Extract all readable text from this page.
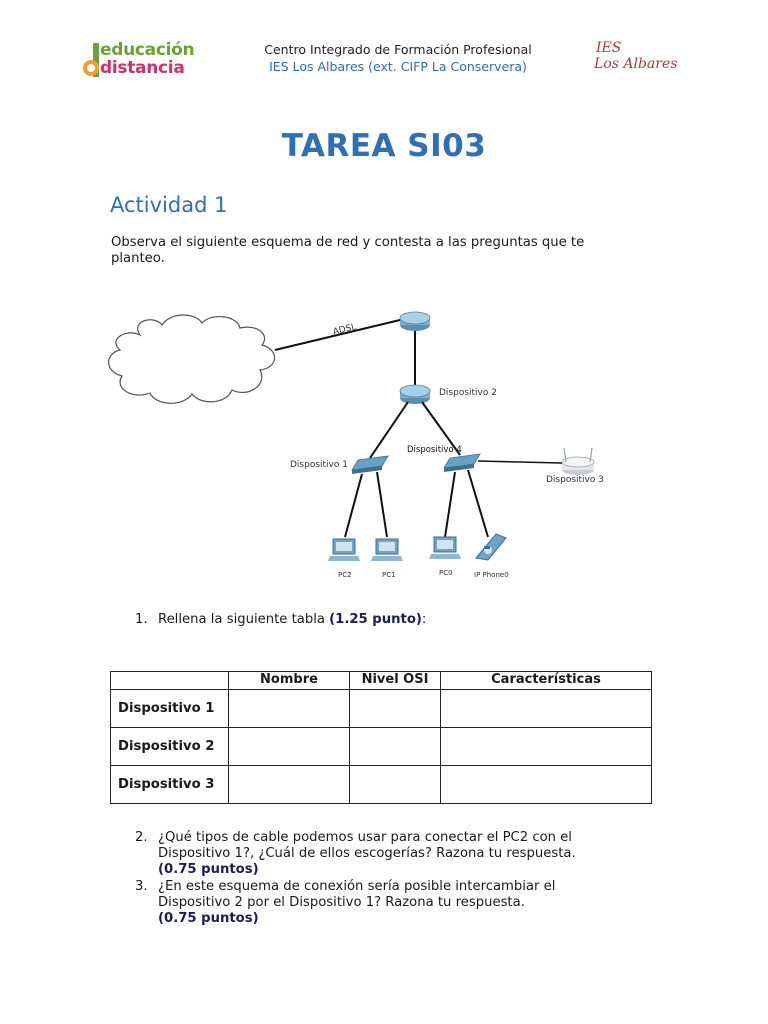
educación
distancia
Centro Integrado de Formación Profesional
IES Los Albares (ext. CIFP La Conservera)
IES
Los Albares
TAREA SI03
Actividad 1
Observa el siguiente esquema de red y contesta a las preguntas que te planteo.
ADSL
Dispositivo 2
Dispositivo 1
Dispositivo 4
Dispositivo 3
PC2	PC1	PC0	IP Phone0
1. Rellena la siguiente tabla (1.25 punto):
	Nombre	Nivel OSI	Características
Dispositivo 1			
Dispositivo 2			
Dispositivo 3			
2. ¿Qué tipos de cable podemos usar para conectar el PC2 con el
Dispositivo 1?, ¿Cuál de ellos escogerías? Razona tu respuesta.
(0.75 puntos)
3. ¿En este esquema de conexión sería posible intercambiar el
Dispositivo 2 por el Dispositivo 1? Razona tu respuesta.
(0.75 puntos)
